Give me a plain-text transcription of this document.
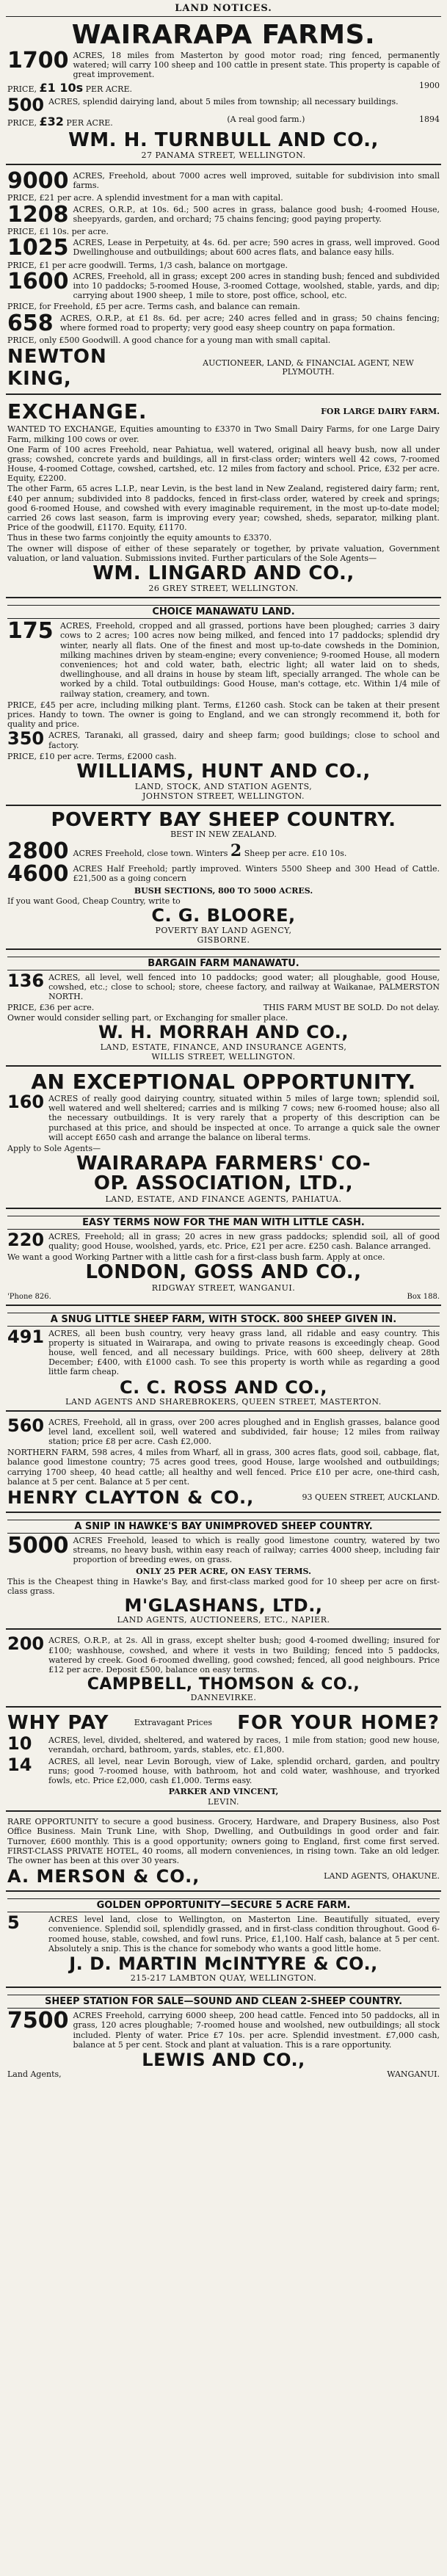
LAND NOTICES.
WAIRARAPA FARMS.
1700 ACRES, 18 miles from Masterton by good motor road; ring fenced, permanently watered; will carry 100 sheep and 100 cattle in present state. This property is capable of great improvement.
PRICE, £1 10s PER ACRE.	1900
500 ACRES, splendid dairying land, about 5 miles from township; all necessary buildings.
PRICE, £32 PER ACRE.	(A real good farm.)	1894
WM. H. TURNBULL AND CO.,
27 PANAMA STREET, WELLINGTON.
9000 ACRES, Freehold, about 7000 acres well improved, suitable for subdivision into small farms.
PRICE, £21 per acre. A splendid investment for a man with capital.
1208 ACRES, O.R.P., at 10s. 6d.; 500 acres in grass, balance good bush; 4-roomed House, sheepyards, garden, and orchard; 75 chains fencing; good paying property.
PRICE, £1 10s. per acre.
1025 ACRES, Lease in Perpetuity, at 4s. 6d. per acre; 590 acres in grass, well improved. Good Dwellinghouse and outbuildings; about 600 acres flats, and balance easy hills.
PRICE, £1 per acre goodwill. Terms, 1/3 cash, balance on mortgage.
1600 ACRES, Freehold, all in grass; except 200 acres in standing bush; fenced and subdivided into 10 paddocks; 5-roomed House, 3-roomed Cottage, woolshed, stable, yards, and dip; carrying about 1900 sheep, 1 mile to store, post office, school, etc.
PRICE, for Freehold, £5 per acre. Terms cash, and balance can remain.
658 ACRES, O.R.P., at £1 8s. 6d. per acre; 240 acres felled and in grass; 50 chains fencing; where formed road to property; very good easy sheep country on papa formation.
PRICE, only £500 Goodwill. A good chance for a young man with small capital.
NEWTON KING,
AUCTIONEER, LAND, & FINANCIAL AGENT, NEW PLYMOUTH.
EXCHANGE.	FOR LARGE DAIRY FARM.
WANTED TO EXCHANGE, Equities amounting to £3370 in Two Small Dairy Farms, for one Large Dairy Farm, milking 100 cows or over.
One Farm of 100 acres Freehold, near Pahiatua, well watered, original all heavy bush, now all under grass; cowshed, concrete yards and buildings, all in first-class order; winters well 42 cows, 7-roomed House, 4-roomed Cottage, cowshed, cartshed, etc. 12 miles from factory and school. Price, £32 per acre. Equity, £2200.
The other Farm, 65 acres L.I.P., near Levin, is the best land in New Zealand, registered dairy farm; rent, £40 per annum; subdivided into 8 paddocks, fenced in first-class order, watered by creek and springs; good 6-roomed House, and cowshed with every imaginable requirement, in the most up-to-date model; carried 26 cows last season, farm is improving every year; cowshed, sheds, separator, milking plant. Price of the goodwill, £1170. Equity, £1170.
Thus in these two farms conjointly the equity amounts to £3370.
The owner will dispose of either of these separately or together, by private valuation, Government valuation, or land valuation. Submissions invited. Further particulars of the Sole Agents—
WM. LINGARD AND CO.,
26 GREY STREET, WELLINGTON.
CHOICE MANAWATU LAND.
175 ACRES, Freehold, cropped and all grassed, portions have been ploughed; carries 3 dairy cows to 2 acres; 100 acres now being milked, and fenced into 17 paddocks; splendid dry winter, nearly all flats. One of the finest and most up-to-date cowsheds in the Dominion, milking machines driven by steam-engine; every convenience; 9-roomed House, all modern conveniences; hot and cold water, bath, electric light; all water laid on to sheds, dwellinghouse, and all drains in house by steam lift, specially arranged. The whole can be worked by a child. Total outbuildings: Good House, man's cottage, etc. Within 1/4 mile of railway station, creamery, and town.
PRICE, £45 per acre, including milking plant. Terms, £1260 cash. Stock can be taken at their present prices. Handy to town. The owner is going to England, and we can strongly recommend it, both for quality and price.
350 ACRES, Taranaki, all grassed, dairy and sheep farm; good buildings; close to school and factory.
PRICE, £10 per acre. Terms, £2000 cash.
WILLIAMS, HUNT AND CO.,
LAND, STOCK, AND STATION AGENTS,
JOHNSTON STREET, WELLINGTON.
POVERTY BAY SHEEP COUNTRY.
BEST IN NEW ZEALAND.
2800 ACRES Freehold, close town. Winters 2 Sheep per acre. £10 10s.
4600 ACRES Half Freehold; partly improved. Winters 5500 Sheep and 300 Head of Cattle. £21,500 as a going concern
BUSH SECTIONS, 800 TO 5000 ACRES.
If you want Good, Cheap Country, write to
C. G. BLOORE,
POVERTY BAY LAND AGENCY,
GISBORNE.
BARGAIN FARM MANAWATU.
136 ACRES, all level, well fenced into 10 paddocks; good water; all ploughable, good House, cowshed, etc.; close to school; store, cheese factory, and railway at Waikanae, PALMERSTON NORTH.
PRICE, £36 per acre.	THIS FARM MUST BE SOLD. Do not delay.
Owner would consider selling part, or Exchanging for smaller place.
W. H. MORRAH AND CO.,
LAND, ESTATE, FINANCE, AND INSURANCE AGENTS,
WILLIS STREET, WELLINGTON.
AN EXCEPTIONAL OPPORTUNITY.
160 ACRES of really good dairying country, situated within 5 miles of large town; splendid soil, well watered and well sheltered; carries and is milking 7 cows; new 6-roomed house; also all the necessary outbuildings. It is very rarely that a property of this description can be purchased at this price, and should be inspected at once. To arrange a quick sale the owner will accept £650 cash and arrange the balance on liberal terms.
Apply to Sole Agents—
WAIRARAPA FARMERS' CO-
OP. ASSOCIATION, LTD.,
LAND, ESTATE, AND FINANCE AGENTS, PAHIATUA.
EASY TERMS NOW FOR THE MAN WITH LITTLE CASH.
220 ACRES, Freehold; all in grass; 20 acres in new grass paddocks; splendid soil, all of good quality; good House, woolshed, yards, etc. Price, £21 per acre. £250 cash. Balance arranged.
We want a good Working Partner with a little cash for a first-class bush farm. Apply at once.
LONDON, GOSS AND CO.,
RIDGWAY STREET, WANGANUI.
'Phone 826.	Box 188.
A SNUG LITTLE SHEEP FARM, WITH STOCK. 800 SHEEP GIVEN IN.
491 ACRES, all been bush country, very heavy grass land, all ridable and easy country. This property is situated in Wairarapa, and owing to private reasons is exceedingly cheap. Good house, well fenced, and all necessary buildings. Price, with 600 sheep, delivery at 28th December; £400, with £1000 cash. To see this property is worth while as regarding a good little farm cheap.
C. C. ROSS AND CO.,
LAND AGENTS AND SHAREBROKERS, QUEEN STREET, MASTERTON.
560 ACRES, Freehold, all in grass, over 200 acres ploughed and in English grasses, balance good level land, excellent soil, well watered and subdivided, fair house; 12 miles from railway station; price £8 per acre. Cash £2,000.
NORTHERN FARM, 598 acres, 4 miles from Wharf, all in grass, 300 acres flats, good soil, cabbage, flat, balance good limestone country; 75 acres good trees, good House, large woolshed and outbuildings; carrying 1700 sheep, 40 head cattle; all healthy and well fenced. Price £10 per acre, one-third cash, balance at 5 per cent. Balance at 5 per cent.
HENRY CLAYTON & CO.,	93 QUEEN STREET, AUCKLAND.
A SNIP IN HAWKE'S BAY UNIMPROVED SHEEP COUNTRY.
5000 ACRES Freehold, leased to which is really good limestone country, watered by two streams, no heavy bush, within easy reach of railway; carries 4000 sheep, including fair proportion of breeding ewes, on grass.
ONLY 25 PER ACRE, ON EASY TERMS.
This is the Cheapest thing in Hawke's Bay, and first-class marked good for 10 sheep per acre on first-class grass.
M'GLASHANS, LTD.,
LAND AGENTS, AUCTIONEERS, ETC., NAPIER.
200 ACRES, O.R.P., at 2s. All in grass, except shelter bush; good 4-roomed dwelling; insured for £100; washhouse, cowshed, and where it vests in two Building; fenced into 5 paddocks, watered by creek. Good 6-roomed dwelling, good cowshed; fenced, all good neighbours. Price £12 per acre. Deposit £500, balance on easy terms.
CAMPBELL, THOMSON & CO.,
DANNEVIRKE.
WHY PAY	Extravagant Prices FOR YOUR HOME?
10	ACRES, level, divided, sheltered, and watered by races, 1 mile from station; good new house, verandah, orchard, bathroom, yards, stables, etc. £1,800.
14	ACRES, all level, near Levin Borough, view of Lake, splendid orchard, garden, and poultry runs; good 7-roomed house, with bathroom, hot and cold water, washhouse, and tryorked fowls, etc. Price £2,000, cash £1,000. Terms easy.
PARKER AND VINCENT,
LEVIN.
RARE OPPORTUNITY to secure a good business. Grocery, Hardware, and Drapery Business, also Post Office Business. Main Trunk Line, with Shop, Dwelling, and Outbuildings in good order and fair. Turnover, £600 monthly. This is a good opportunity; owners going to England, first come first served. FIRST-CLASS PRIVATE HOTEL, 40 rooms, all modern conveniences, in rising town. Take an old ledger. The owner has been at this over 30 years.
A. MERSON & CO.,	LAND AGENTS, OHAKUNE.
GOLDEN OPPORTUNITY—SECURE 5 ACRE FARM.
5	ACRES level land, close to Wellington, on Masterton Line. Beautifully situated, every convenience. Splendid soil, splendidly grassed, and in first-class condition throughout. Good 6-roomed house, stable, cowshed, and fowl runs. Price, £1,100. Half cash, balance at 5 per cent. Absolutely a snip. This is the chance for somebody who wants a good little home.
J. D. MARTIN McINTYRE & CO.,
215-217 LAMBTON QUAY, WELLINGTON.
SHEEP STATION FOR SALE—SOUND AND CLEAN 2-SHEEP COUNTRY.
7500 ACRES Freehold, carrying 6000 sheep, 200 head cattle. Fenced into 50 paddocks, all in grass, 120 acres ploughable; 7-roomed house and woolshed, new outbuildings; all stock included. Plenty of water. Price £7 10s. per acre. Splendid investment. £7,000 cash, balance at 5 per cent. Stock and plant at valuation. This is a rare opportunity.
LEWIS AND CO.,
Land Agents,	WANGANUI.
